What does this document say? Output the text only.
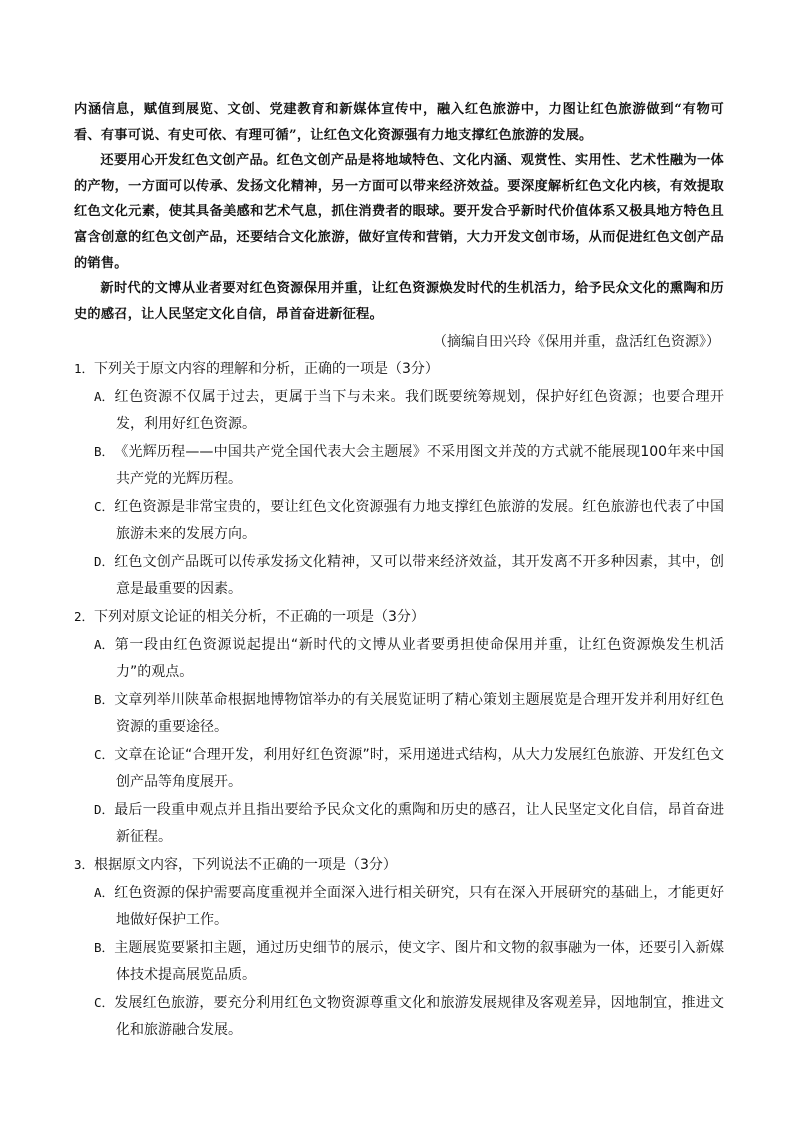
内涵信息，赋值到展览、文创、党建教育和新媒体宣传中，融入红色旅游中，力图让红色旅游做到“有物可看、有事可说、有史可依、有理可循”，让红色文化资源强有力地支撑红色旅游的发展。

还要用心开发红色文创产品。红色文创产品是将地域特色、文化内涵、观赏性、实用性、艺术性融为一体的产物，一方面可以传承、发扬文化精神，另一方面可以带来经济效益。要深度解析红色文化内核，有效提取红色文化元素，使其具备美感和艺术气息，抓住消费者的眼球。要开发合乎新时代价值体系又极具地方特色且富含创意的红色文创产品，还要结合文化旅游，做好宣传和营销，大力开发文创市场，从而促进红色文创产品的销售。

新时代的文博从业者要对红色资源保用并重，让红色资源焕发时代的生机活力，给予民众文化的熏陶和历史的感召，让人民坚定文化自信，昂首奋进新征程。

（摘编自田兴玲《保用并重，盘活红色资源》）

1．下列关于原文内容的理解和分析，正确的一项是（3分）

A．红色资源不仅属于过去，更属于当下与未来。我们既要统筹规划，保护好红色资源；也要合理开发，利用好红色资源。

B．《光辉历程——中国共产党全国代表大会主题展》不采用图文并茂的方式就不能展现100年来中国共产党的光辉历程。

C．红色资源是非常宝贵的，要让红色文化资源强有力地支撑红色旅游的发展。红色旅游也代表了中国旅游未来的发展方向。

D．红色文创产品既可以传承发扬文化精神，又可以带来经济效益，其开发离不开多种因素，其中，创意是最重要的因素。

2．下列对原文论证的相关分析，不正确的一项是（3分）

A．第一段由红色资源说起提出“新时代的文博从业者要勇担使命保用并重，让红色资源焕发生机活力”的观点。

B．文章列举川陕革命根据地博物馆举办的有关展览证明了精心策划主题展览是合理开发并利用好红色资源的重要途径。

C．文章在论证“合理开发，利用好红色资源”时，采用递进式结构，从大力发展红色旅游、开发红色文创产品等角度展开。

D．最后一段重申观点并且指出要给予民众文化的熏陶和历史的感召，让人民坚定文化自信，昂首奋进新征程。

3．根据原文内容，下列说法不正确的一项是（3分）

A．红色资源的保护需要高度重视并全面深入进行相关研究，只有在深入开展研究的基础上，才能更好地做好保护工作。

B．主题展览要紧扣主题，通过历史细节的展示，使文字、图片和文物的叙事融为一体，还要引入新媒体技术提高展览品质。

C．发展红色旅游，要充分利用红色文物资源尊重文化和旅游发展规律及客观差异，因地制宜，推进文化和旅游融合发展。
